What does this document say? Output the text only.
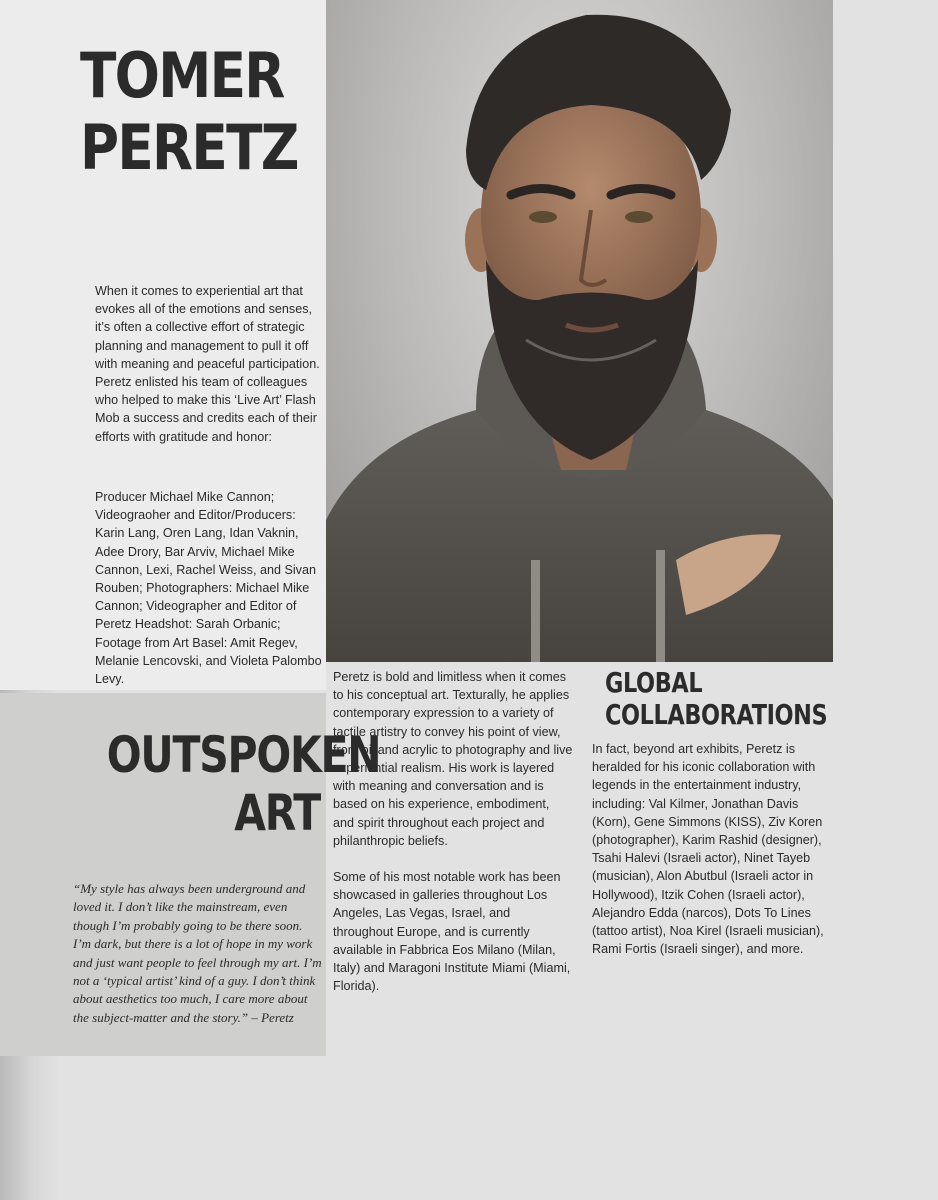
TOMER
PERETZ

When it comes to experiential art that evokes all of the emotions and senses, it’s often a collective effort of strategic planning and management to pull it off with meaning and peaceful participation. Peretz enlisted his team of colleagues who helped to make this ‘Live Art’ Flash Mob a success and credits each of their efforts with gratitude and honor:

Producer Michael Mike Cannon; Videograoher and Editor/Producers: Karin Lang, Oren Lang, Idan Vaknin, Adee Drory, Bar Arviv, Michael Mike Cannon, Lexi, Rachel Weiss, and Sivan Rouben; Photographers: Michael Mike Cannon; Videographer and Editor of Peretz Headshot: Sarah Orbanic; Footage from Art Basel: Amit Regev, Melanie Lencovski, and Violeta Palombo Levy.

OUTSPOKEN
ART

“My style has always been underground and loved it. I don’t like the mainstream, even though I’m probably going to be there soon. I’m dark, but there is a lot of hope in my work and just want people to feel through my art. I’m not a ‘typical artist’ kind of a guy. I don’t think about aesthetics too much, I care more about the subject-matter and the story.” – Peretz

Peretz is bold and limitless when it comes to his conceptual art. Texturally, he applies contemporary expression to a variety of tactile artistry to convey his point of view, from oil and acrylic to photography and live experiential realism. His work is layered with meaning and conversation and is based on his experience, embodiment, and spirit throughout each project and philanthropic beliefs.

Some of his most notable work has been showcased in galleries throughout Los Angeles, Las Vegas, Israel, and throughout Europe, and is currently available in Fabbrica Eos Milano (Milan, Italy) and Maragoni Institute Miami (Miami, Florida).

GLOBAL
COLLABORATIONS

In fact, beyond art exhibits, Peretz is heralded for his iconic collaboration with legends in the entertainment industry, including: Val Kilmer, Jonathan Davis (Korn), Gene Simmons (KISS), Ziv Koren (photographer), Karim Rashid (designer), Tsahi Halevi (Israeli actor), Ninet Tayeb (musician), Alon Abutbul (Israeli actor in Hollywood), Itzik Cohen (Israeli actor), Alejandro Edda (narcos), Dots To Lines (tattoo artist), Noa Kirel (Israeli musician), Rami Fortis (Israeli singer), and more.
